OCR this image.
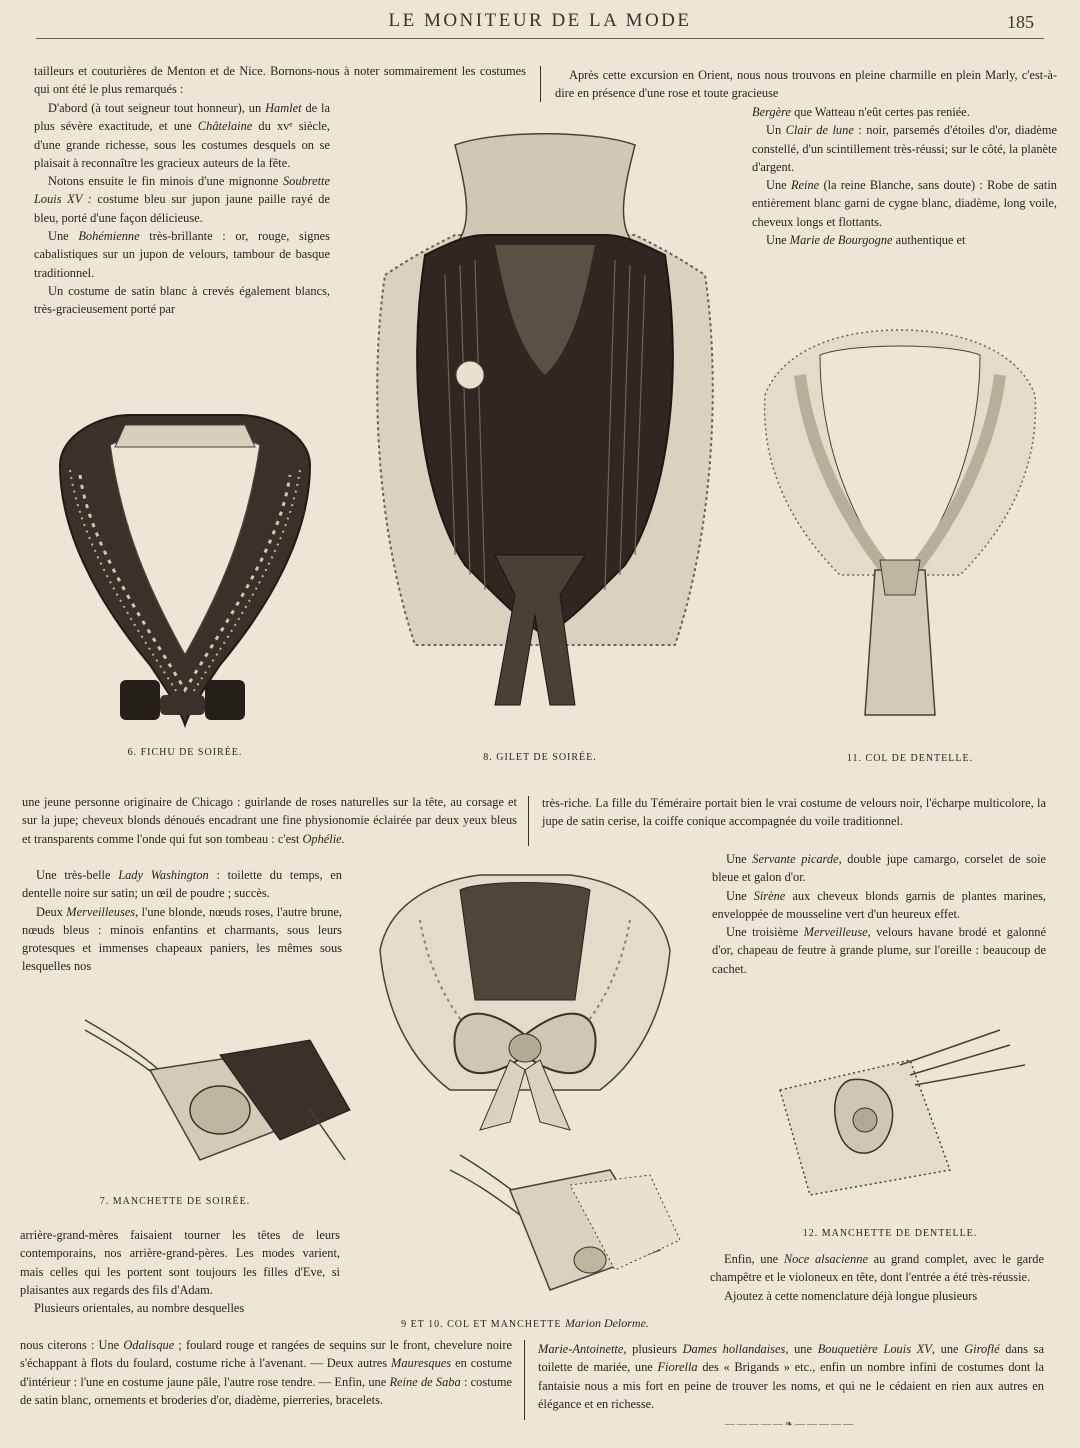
LE MONITEUR DE LA MODE	185

tailleurs et couturières de Menton et de Nice. Bornons-nous à noter sommairement les costumes qui ont été le plus remarqués :

D'abord (à tout seigneur tout honneur), un Hamlet de la plus sévère exactitude, et une Châtelaine du xvᵉ siècle, d'une grande richesse, sous les costumes desquels on se plaisait à reconnaître les gracieux auteurs de la fête.

Notons ensuite le fin minois d'une mignonne Soubrette Louis XV : costume bleu sur jupon jaune paille rayé de bleu, porté d'une façon délicieuse.

Une Bohémienne très-brillante : or, rouge, signes cabalistiques sur un jupon de velours, tambour de basque traditionnel.

Un costume de satin blanc à crevés également blancs, très-gracieusement porté par

Après cette excursion en Orient, nous nous trouvons en pleine charmille en plein Marly, c'est-à-dire en présence d'une rose et toute gracieuse

Bergère que Watteau n'eût certes pas reniée.

Un Clair de lune : noir, parsemés d'étoiles d'or, diadème constellé, d'un scintillement très-réussi; sur le côté, la planète d'argent.

Une Reine (la reine Blanche, sans doute) : Robe de satin entièrement blanc garni de cygne blanc, diadème, long voile, cheveux longs et flottants.

Une Marie de Bourgogne authentique et

6. FICHU DE SOIRÉE.	8. GILET DE SOIRÉE.	11. COL DE DENTELLE.

une jeune personne originaire de Chicago : guirlande de roses naturelles sur la tête, au corsage et sur la jupe; cheveux blonds dénoués encadrant une fine physionomie éclairée par deux yeux bleus et transparents comme l'onde qui fut son tombeau : c'est Ophélie.

Une très-belle Lady Washington : toilette du temps, en dentelle noire sur satin; un œil de poudre ; succès.

Deux Merveilleuses, l'une blonde, nœuds roses, l'autre brune, nœuds bleus : minois enfantins et charmants, sous leurs grotesques et immenses chapeaux paniers, les mêmes sous lesquelles nos

très-riche. La fille du Téméraire portait bien le vrai costume de velours noir, l'écharpe multicolore, la jupe de satin cerise, la coiffe conique accompagnée du voile traditionnel.

Une Servante picarde, double jupe camargo, corselet de soie bleue et galon d'or.

Une Sirène aux cheveux blonds garnis de plantes marines, enveloppée de mousseline vert d'un heureux effet.

Une troisième Merveilleuse, velours havane brodé et galonné d'or, chapeau de feutre à grande plume, sur l'oreille : beaucoup de cachet.

7. MANCHETTE DE SOIRÉE.
12. MANCHETTE DE DENTELLE.
9 ET 10. COL ET MANCHETTE Marion Delorme.

arrière-grand-mères faisaient tourner les têtes de leurs contemporains, nos arrière-grand-pères. Les modes varient, mais celles qui les portent sont toujours les filles d'Eve, si plaisantes aux regards des fils d'Adam.

Plusieurs orientales, au nombre desquelles

nous citerons : Une Odalisque ; foulard rouge et rangées de sequins sur le front, chevelure noire s'échappant à flots du foulard, costume riche à l'avenant. — Deux autres Mauresques en costume d'intérieur : l'une en costume jaune pâle, l'autre rose tendre. — Enfin, une Reine de Saba : costume de satin blanc, ornements et broderies d'or, diadème, pierreries, bracelets.

Enfin, une Noce alsacienne au grand complet, avec le garde champêtre et le violoneux en tête, dont l'entrée a été très-réussie.

Ajoutez à cette nomenclature déjà longue plusieurs

Marie-Antoinette, plusieurs Dames hollandaises, une Bouquetière Louis XV, une Giroflé dans sa toilette de mariée, une Fiorella des « Brigands » etc., enfin un nombre infini de costumes dont la fantaisie nous a mis fort en peine de trouver les noms, et qui ne le cédaient en rien aux autres en élégance et en richesse.

—————❧—————
